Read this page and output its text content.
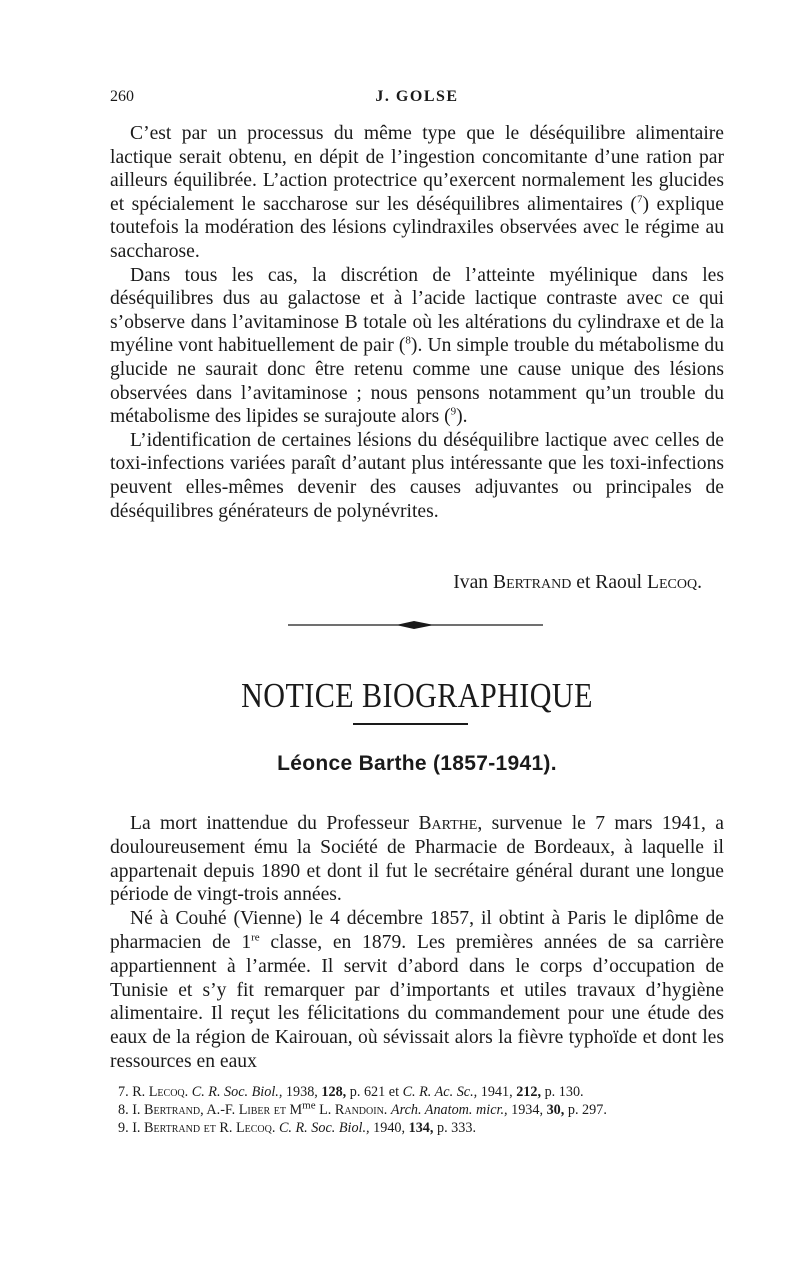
260	J. GOLSE

C’est par un processus du même type que le déséquilibre alimentaire lactique serait obtenu, en dépit de l’ingestion concomitante d’une ration par ailleurs équilibrée. L’action protectrice qu’exercent normalement les glucides et spécialement le saccharose sur les déséquilibres alimentaires ($^7$) explique toutefois la modération des lésions cylindraxiles observées avec le régime au saccharose.

Dans tous les cas, la discrétion de l’atteinte myélinique dans les déséquilibres dus au galactose et à l’acide lactique contraste avec ce qui s’observe dans l’avitaminose B totale où les altérations du cylindraxe et de la myéline vont habituellement de pair ($^8$). Un simple trouble du métabolisme du glucide ne saurait donc être retenu comme une cause unique des lésions observées dans l’avitaminose ; nous pensons notamment qu’un trouble du métabolisme des lipides se surajoute alors ($^9$).

L’identification de certaines lésions du déséquilibre lactique avec celles de toxi-infections variées paraît d’autant plus intéressante que les toxi-infections peuvent elles-mêmes devenir des causes adjuvantes ou principales de déséquilibres générateurs de polynévrites.

Ivan Bertrand et Raoul Lecoq.
NOTICE BIOGRAPHIQUE
Léonce Barthe (1857-1941).

La mort inattendue du Professeur Barthe, survenue le 7 mars 1941, a douloureusement ému la Société de Pharmacie de Bordeaux, à laquelle il appartenait depuis 1890 et dont il fut le secrétaire général durant une longue période de vingt-trois années.

Né à Couhé (Vienne) le 4 décembre 1857, il obtint à Paris le diplôme de pharmacien de 1re classe, en 1879. Les premières années de sa carrière appartiennent à l’armée. Il servit d’abord dans le corps d’occupation de Tunisie et s’y fit remarquer par d’importants et utiles travaux d’hygiène alimentaire. Il reçut les félicitations du commandement pour une étude des eaux de la région de Kairouan, où sévissait alors la fièvre typhoïde et dont les ressources en eaux

7. R. Lecoq. C. R. Soc. Biol., 1938, 128, p. 621 et C. R. Ac. Sc., 1941, 212, p. 130.

8. I. Bertrand, A.-F. Liber et $M^{me}$ L. Randoin. Arch. Anatom. micr., 1934, 30, p. 297.

9. I. Bertrand et R. Lecoq. C. R. Soc. Biol., 1940, 134, p. 333.
